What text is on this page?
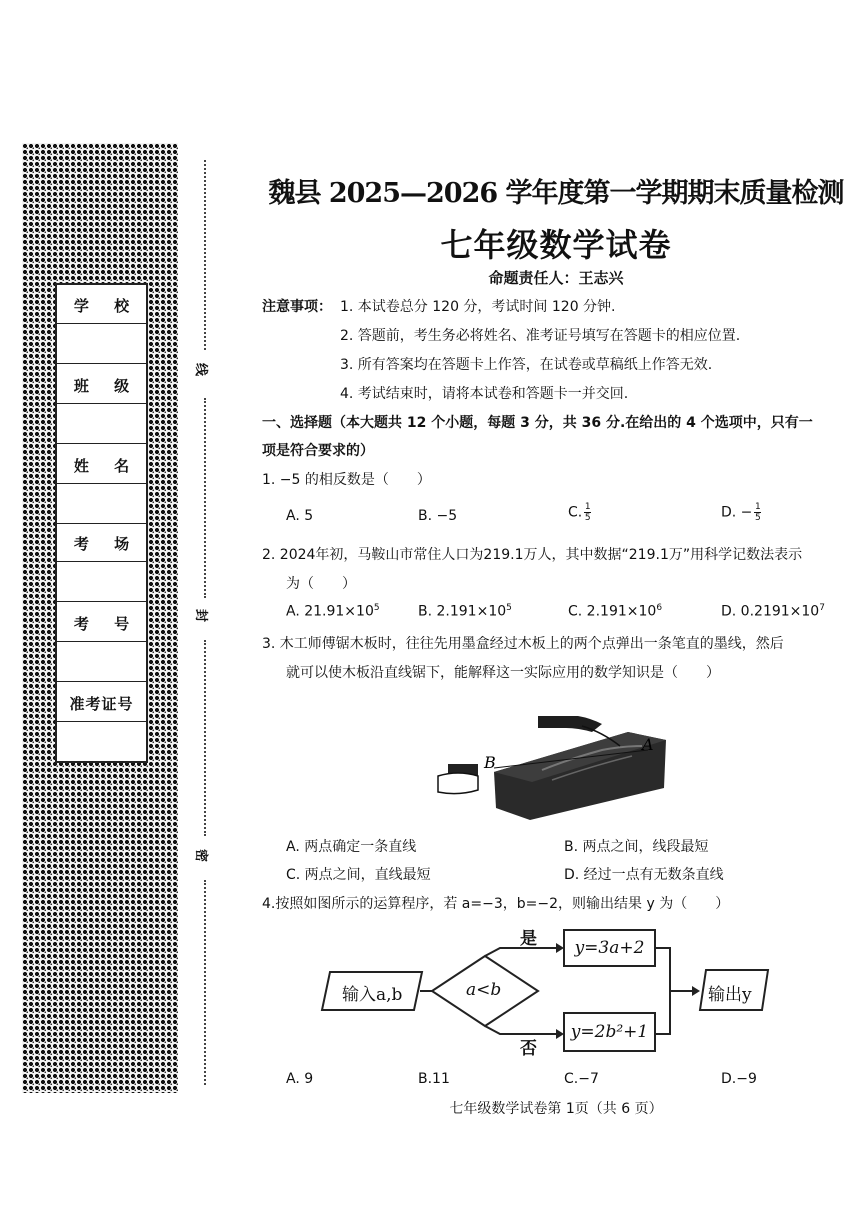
学 校
班 级
姓 名
考 场
考 号
准考证号
线
封
密
魏县 2025—2026 学年度第一学期期末质量检测
七年级数学试卷
命题责任人：王志兴
注意事项： 1. 本试卷总分 120 分，考试时间 120 分钟.
2. 答题前，考生务必将姓名、准考证号填写在答题卡的相应位置.
3. 所有答案均在答题卡上作答，在试卷或草稿纸上作答无效.
4. 考试结束时，请将本试卷和答题卡一并交回.
一、选择题（本大题共 12 个小题，每题 3 分，共 36 分.在给出的 4 个选项中，只有一
项是符合要求的）
1. −5 的相反数是（　　）
A. 5	B. −5	C. $\frac{1}{5}$	D. − $\frac{1}{5}$
2. 2024年初，马鞍山市常住人口为219.1万人，其中数据“219.1万”用科学记数法表示
为（　　）
A. $21.91\times 10^5$	B. $2.191\times 10^5$	C. $2.191\times 10^6$	D. $0.2191\times 10^7$
3. 木工师傅锯木板时，往往先用墨盒经过木板上的两个点弹出一条笔直的墨线，然后
就可以使木板沿直线锯下，能解释这一实际应用的数学知识是（　　）
B
A
A. 两点确定一条直线	B. 两点之间，线段最短
C. 两点之间，直线最短	D. 经过一点有无数条直线
4.按照如图所示的运算程序，若 a=−3，b=−2，则输出结果 y 为（　　）
输入a,b	a<b
是
否
y=3a+2
y=2b²+1
输出y
A. 9	B.11	C.−7	D.−9
七年级数学试卷第 1页（共 6 页）
